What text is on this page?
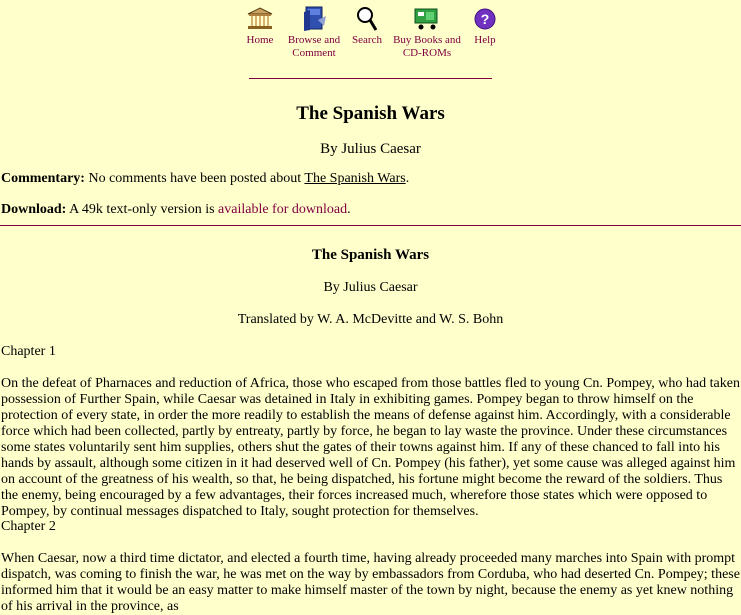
Home Browse and
Comment
Search Buy Books and
CD-ROMs
?
Help
The Spanish Wars
By Julius Caesar
Commentary: No comments have been posted about The Spanish Wars.
Download: A 49k text-only version is available for download.
The Spanish Wars
By Julius Caesar
Translated by W. A. McDevitte and W. S. Bohn
Chapter 1
On the defeat of Pharnaces and reduction of Africa, those who escaped from those battles fled to young Cn. Pompey, who had taken possession of Further Spain, while Caesar was detained in Italy in exhibiting games. Pompey began to throw himself on the protection of every state, in order the more readily to establish the means of defense against him. Accordingly, with a considerable force which had been collected, partly by entreaty, partly by force, he began to lay waste the province. Under these circumstances some states voluntarily sent him supplies, others shut the gates of their towns against him. If any of these chanced to fall into his hands by assault, although some citizen in it had deserved well of Cn. Pompey (his father), yet some cause was alleged against him on account of the greatness of his wealth, so that, he being dispatched, his fortune might become the reward of the soldiers. Thus the enemy, being encouraged by a few advantages, their forces increased much, wherefore those states which were opposed to Pompey, by continual messages dispatched to Italy, sought protection for themselves.
Chapter 2
When Caesar, now a third time dictator, and elected a fourth time, having already proceeded many marches into Spain with prompt dispatch, was coming to finish the war, he was met on the way by embassadors from Corduba, who had deserted Cn. Pompey; these informed him that it would be an easy matter to make himself master of the town by night, because the enemy as yet knew nothing of his arrival in the province, as
